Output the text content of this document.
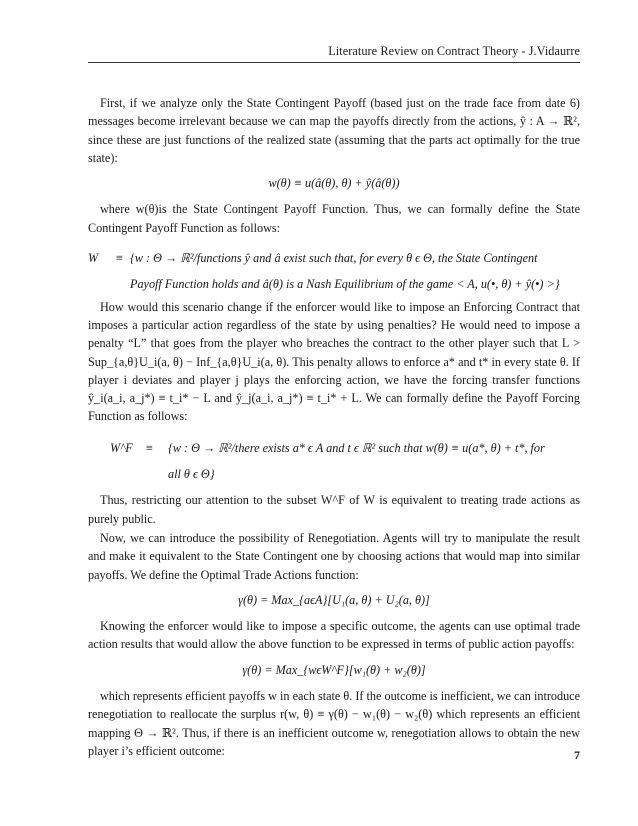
Literature Review on Contract Theory - J.Vidaurre

First, if we analyze only the State Contingent Payoff (based just on the trade face from date 6) messages become irrelevant because we can map the payoffs directly from the actions, ŷ : A → ℝ², since these are just functions of the realized state (assuming that the parts act optimally for the true state):

w(θ) ≡ u(â(θ), θ) + ŷ(â(θ))

where w(θ)is the State Contingent Payoff Function. Thus, we can formally define the State Contingent Payoff Function as follows:

W	≡ {w : Θ → ℝ²/functions ŷ and â exist such that, for every θ ϵ Θ, the State Contingent
Payoff Function holds and â(θ) is a Nash Equilibrium of the game < A, u(•, θ) + ŷ(•) >}

How would this scenario change if the enforcer would like to impose an Enforcing Contract that imposes a particular action regardless of the state by using penalties? He would need to impose a penalty “L” that goes from the player who breaches the contract to the other player such that L > Sup_{a,θ}U_i(a, θ) − Inf_{a,θ}U_i(a, θ). This penalty allows to enforce a* and t* in every state θ. If player i deviates and player j plays the enforcing action, we have the forcing transfer functions ŷ_i(a_i, a_j*) ≡ t_i* − L and ŷ_j(a_i, a_j*) ≡ t_i* + L. We can formally define the Payoff Forcing Function as follows:

W^F	≡	{w : Θ → ℝ²/there exists a* ϵ A and t ϵ ℝ² such that w(θ) ≡ u(a*, θ) + t*, for
all θ ϵ Θ}

Thus, restricting our attention to the subset W^F of W is equivalent to treating trade actions as purely public.

Now, we can introduce the possibility of Renegotiation. Agents will try to manipulate the result and make it equivalent to the State Contingent one by choosing actions that would map into similar payoffs. We define the Optimal Trade Actions function:

γ(θ) = Max_{aϵA}[U₁(a, θ) + U₂(a, θ)]

Knowing the enforcer would like to impose a specific outcome, the agents can use optimal trade action results that would allow the above function to be expressed in terms of public action payoffs:

γ(θ) = Max_{wϵW^F}[w₁(θ) + w₂(θ)]

which represents efficient payoffs w in each state θ. If the outcome is inefficient, we can introduce renegotiation to reallocate the surplus r(w, θ) ≡ γ(θ) − w₁(θ) − w₂(θ) which represents an efficient mapping Θ → ℝ². Thus, if there is an inefficient outcome w, renegotiation allows to obtain the new player i’s efficient outcome:	7
